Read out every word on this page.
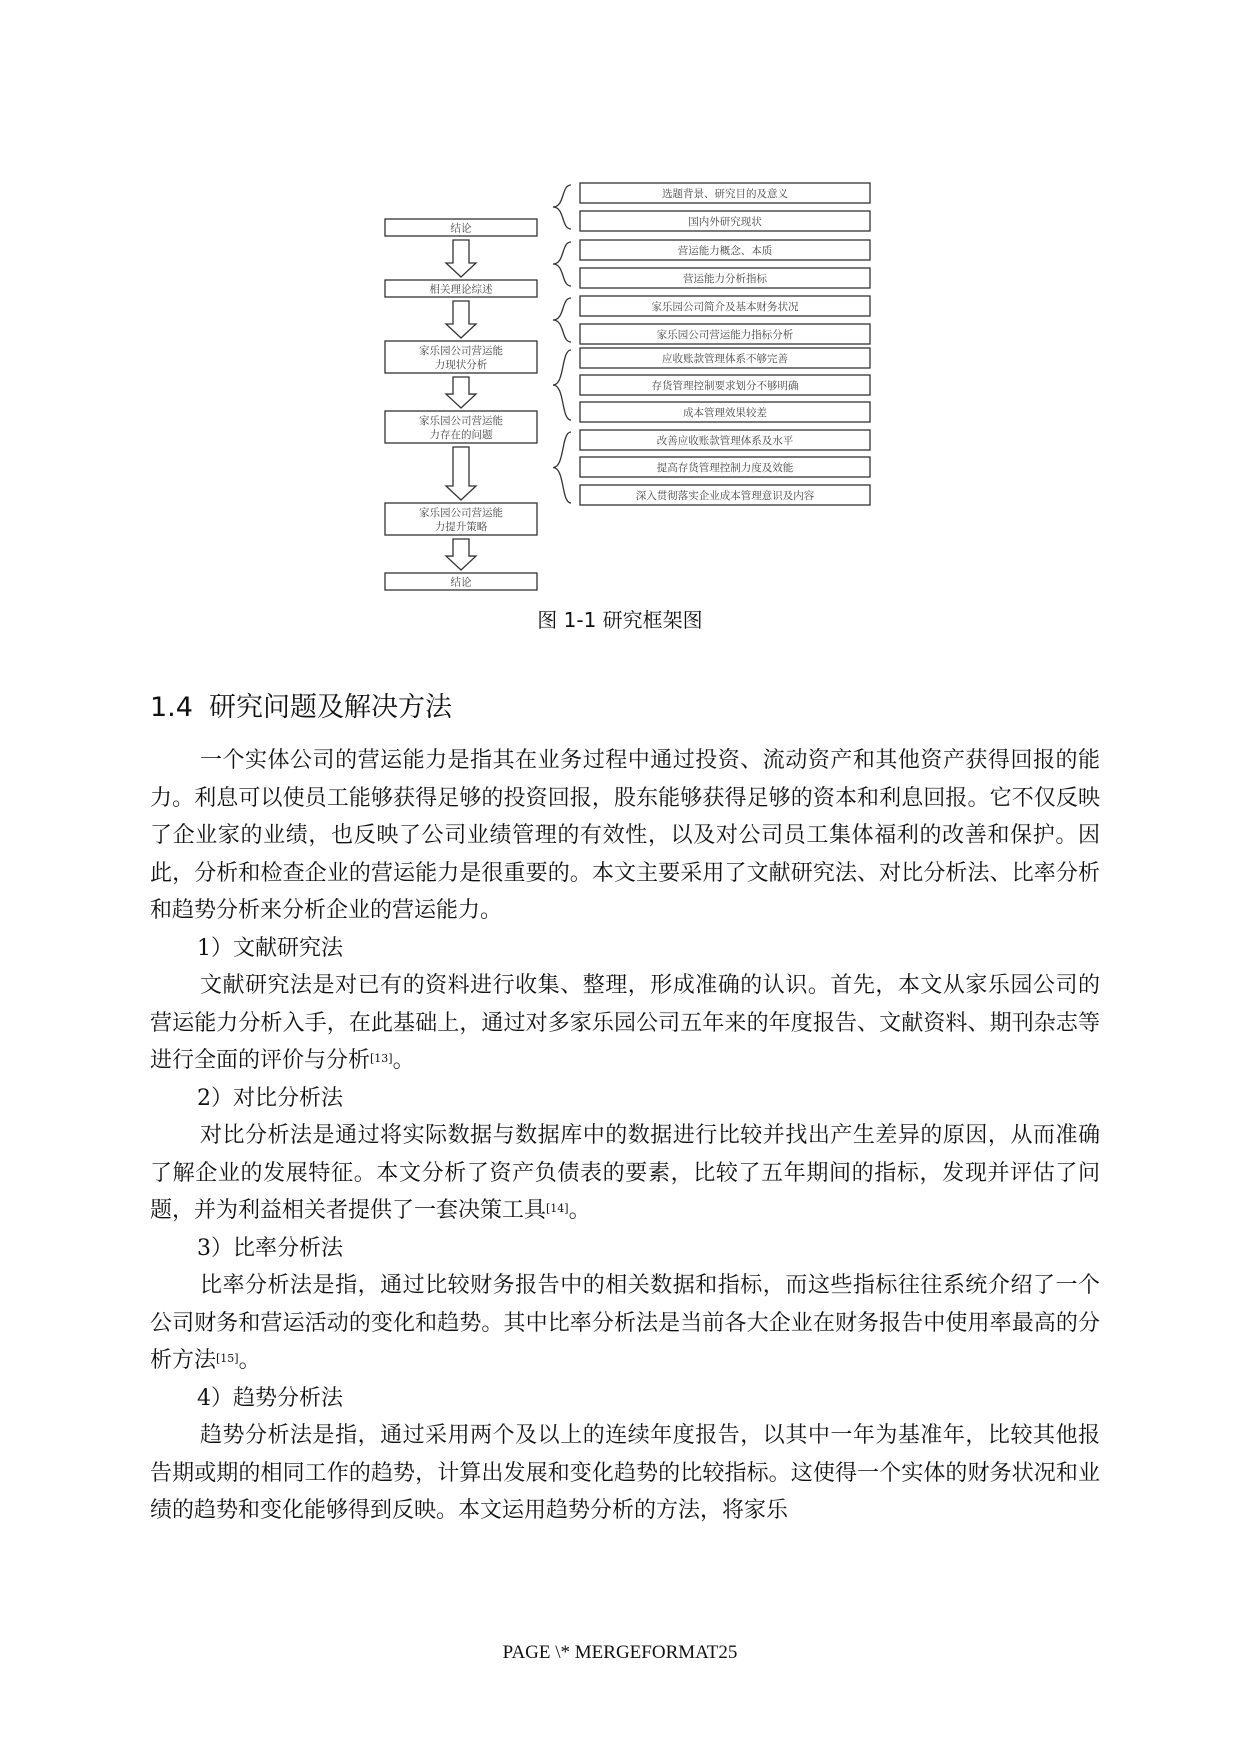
结论
相关理论综述
家乐园公司营运能
力现状分析
家乐园公司营运能
力存在的问题
家乐园公司营运能
力提升策略
结论
选题背景、研究目的及意义
国内外研究现状
营运能力概念、本质
营运能力分析指标
家乐园公司简介及基本财务状况
家乐园公司营运能力指标分析
应收账款管理体系不够完善
存货管理控制要求划分不够明确
成本管理效果较差
改善应收账款管理体系及水平
提高存货管理控制力度及效能
深入贯彻落实企业成本管理意识及内容
图 1-1 研究框架图
1.4 研究问题及解决方法

一个实体公司的营运能力是指其在业务过程中通过投资、流动资产和其他资产获得回报的能力。利息可以使员工能够获得足够的投资回报，股东能够获得足够的资本和利息回报。它不仅反映了企业家的业绩，也反映了公司业绩管理的有效性，以及对公司员工集体福利的改善和保护。因此，分析和检查企业的营运能力是很重要的。本文主要采用了文献研究法、对比分析法、比率分析和趋势分析来分析企业的营运能力。

1）文献研究法

文献研究法是对已有的资料进行收集、整理，形成准确的认识。首先，本文从家乐园公司的营运能力分析入手，在此基础上，通过对多家乐园公司五年来的年度报告、文献资料、期刊杂志等进行全面的评价与分析[13]。

2）对比分析法

对比分析法是通过将实际数据与数据库中的数据进行比较并找出产生差异的原因，从而准确了解企业的发展特征。本文分析了资产负债表的要素，比较了五年期间的指标，发现并评估了问题，并为利益相关者提供了一套决策工具[14]。

3）比率分析法

比率分析法是指，通过比较财务报告中的相关数据和指标，而这些指标往往系统介绍了一个公司财务和营运活动的变化和趋势。其中比率分析法是当前各大企业在财务报告中使用率最高的分析方法[15]。

4）趋势分析法

趋势分析法是指，通过采用两个及以上的连续年度报告，以其中一年为基准年，比较其他报告期或期的相同工作的趋势，计算出发展和变化趋势的比较指标。这使得一个实体的财务状况和业绩的趋势和变化能够得到反映。本文运用趋势分析的方法，将家乐

PAGE \* MERGEFORMAT25
